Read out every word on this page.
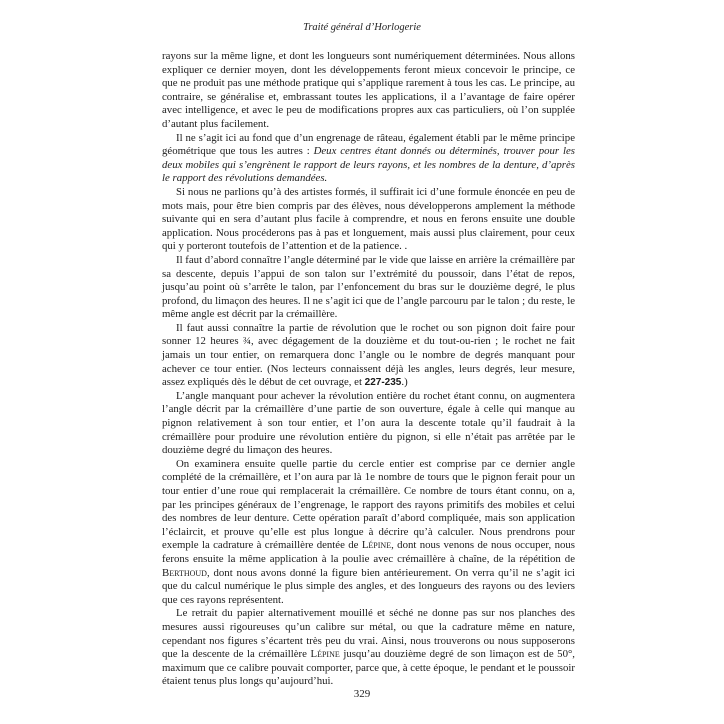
Traité général d’Horlogerie

rayons sur la même ligne, et dont les longueurs sont numériquement déterminées. Nous allons expliquer ce dernier moyen, dont les développements feront mieux concevoir le principe, ce que ne produit pas une méthode pratique qui s’applique rarement à tous les cas. Le principe, au contraire, se généralise et, embrassant toutes les applications, il a l’avantage de faire opérer avec intelligence, et avec le peu de modifications propres aux cas particuliers, où l’on supplée d’autant plus facilement.

Il ne s’agit ici au fond que d’un engrenage de râteau, également établi par le même principe géométrique que tous les autres : Deux centres étant donnés ou déterminés, trouver pour les deux mobiles qui s’engrènent le rapport de leurs rayons, et les nombres de la denture, d’après le rapport des révolutions demandées.

Si nous ne parlions qu’à des artistes formés, il suffirait ici d’une formule énoncée en peu de mots mais, pour être bien compris par des élèves, nous développerons amplement la méthode suivante qui en sera d’autant plus facile à comprendre, et nous en ferons ensuite une double application. Nous procéderons pas à pas et longuement, mais aussi plus clairement, pour ceux qui y porteront toutefois de l’attention et de la patience. .

Il faut d’abord connaître l’angle déterminé par le vide que laisse en arrière la crémaillère par sa descente, depuis l’appui de son talon sur l’extrémité du poussoir, dans l’état de repos, jusqu’au point où s’arrête le talon, par l’enfoncement du bras sur le douzième degré, le plus profond, du limaçon des heures. Il ne s’agit ici que de l’angle parcouru par le talon ; du reste, le même angle est décrit par la crémaillère.

Il faut aussi connaître la partie de révolution que le rochet ou son pignon doit faire pour sonner 12 heures ¾, avec dégagement de la douzième et du tout-ou-rien ; le rochet ne fait jamais un tour entier, on remarquera donc l’angle ou le nombre de degrés manquant pour achever ce tour entier. (Nos lecteurs connaissent déjà les angles, leurs degrés, leur mesure, assez expliqués dès le début de cet ouvrage, et 227-235.)

L’angle manquant pour achever la révolution entière du rochet étant connu, on augmentera l’angle décrit par la crémaillère d’une partie de son ouverture, égale à celle qui manque au pignon relativement à son tour entier, et l’on aura la descente totale qu’il faudrait à la crémaillère pour produire une révolution entière du pignon, si elle n’était pas arrêtée par le douzième degré du limaçon des heures.

On examinera ensuite quelle partie du cercle entier est comprise par ce dernier angle complété de la crémaillère, et l’on aura par là 1e nombre de tours que le pignon ferait pour un tour entier d’une roue qui remplacerait la crémaillère. Ce nombre de tours étant connu, on a, par les principes généraux de l’engrenage, le rapport des rayons primitifs des mobiles et celui des nombres de leur denture. Cette opération paraît d’abord compliquée, mais son application l’éclaircit, et prouve qu’elle est plus longue à décrire qu’à calculer. Nous prendrons pour exemple la cadrature à crémaillère dentée de Lépine, dont nous venons de nous occuper, nous ferons ensuite la même application à la poulie avec crémaillère à chaîne, de la répétition de Berthoud, dont nous avons donné la figure bien antérieurement. On verra qu’il ne s’agit ici que du calcul numérique le plus simple des angles, et des longueurs des rayons ou des leviers que ces rayons représentent.

Le retrait du papier alternativement mouillé et séché ne donne pas sur nos planches des mesures aussi rigoureuses qu’un calibre sur métal, ou que la cadrature même en nature, cependant nos figures s’écartent très peu du vrai. Ainsi, nous trouverons ou nous supposerons que la descente de la crémaillère Lépine jusqu’au douzième degré de son limaçon est de 50°, maximum que ce calibre pouvait comporter, parce que, à cette époque, le pendant et le poussoir étaient tenus plus longs qu’aujourd’hui.

329
